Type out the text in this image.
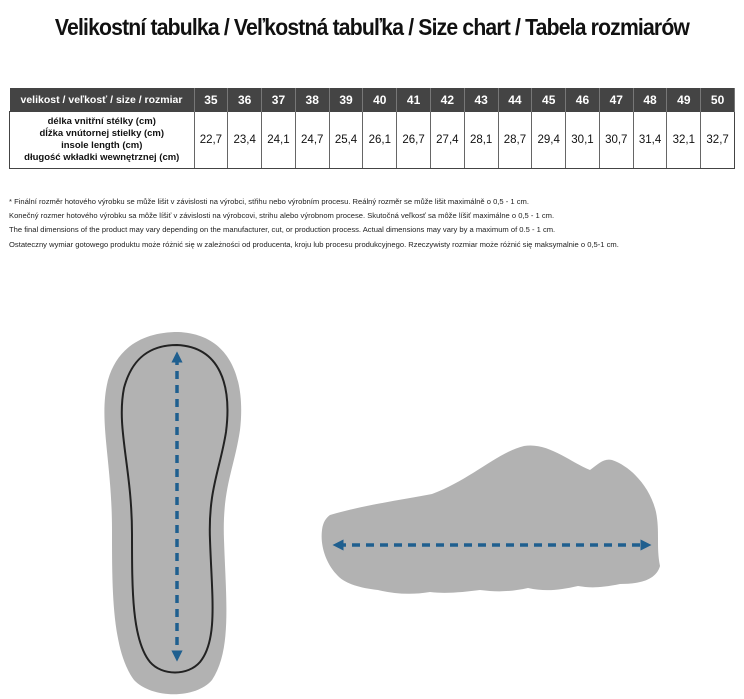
Velikostní tabulka / Veľkostná tabuľka / Size chart / Tabela rozmiarów
velikost / veľkosť / size / rozmiar	35	36	37	38	39	40	41	42	43	44	45	46	47	48	49	50

délka vnitřní stélky (cm)
dĺžka vnútornej stielky (cm)
insole length (cm)
długość wkładki wewnętrznej (cm)	22,7	23,4	24,1	24,7	25,4	26,1	26,7	27,4	28,1	28,7	29,4	30,1	30,7	31,4	32,1	32,7
* Finální rozměr hotového výrobku se může lišit v závislosti na výrobci, střihu nebo výrobním procesu. Reálný rozměr se může lišit maximálně o 0,5 - 1 cm.
Konečný rozmer hotového výrobku sa môže líšiť v závislosti na výrobcovi, strihu alebo výrobnom procese. Skutočná veľkosť sa môže líšiť maximálne o 0,5 - 1 cm.
The final dimensions of the product may vary depending on the manufacturer, cut, or production process. Actual dimensions may vary by a maximum of 0.5 - 1 cm.
Ostateczny wymiar gotowego produktu może różnić się w zależności od producenta, kroju lub procesu produkcyjnego. Rzeczywisty rozmiar może różnić się maksymalnie o 0,5-1 cm.
